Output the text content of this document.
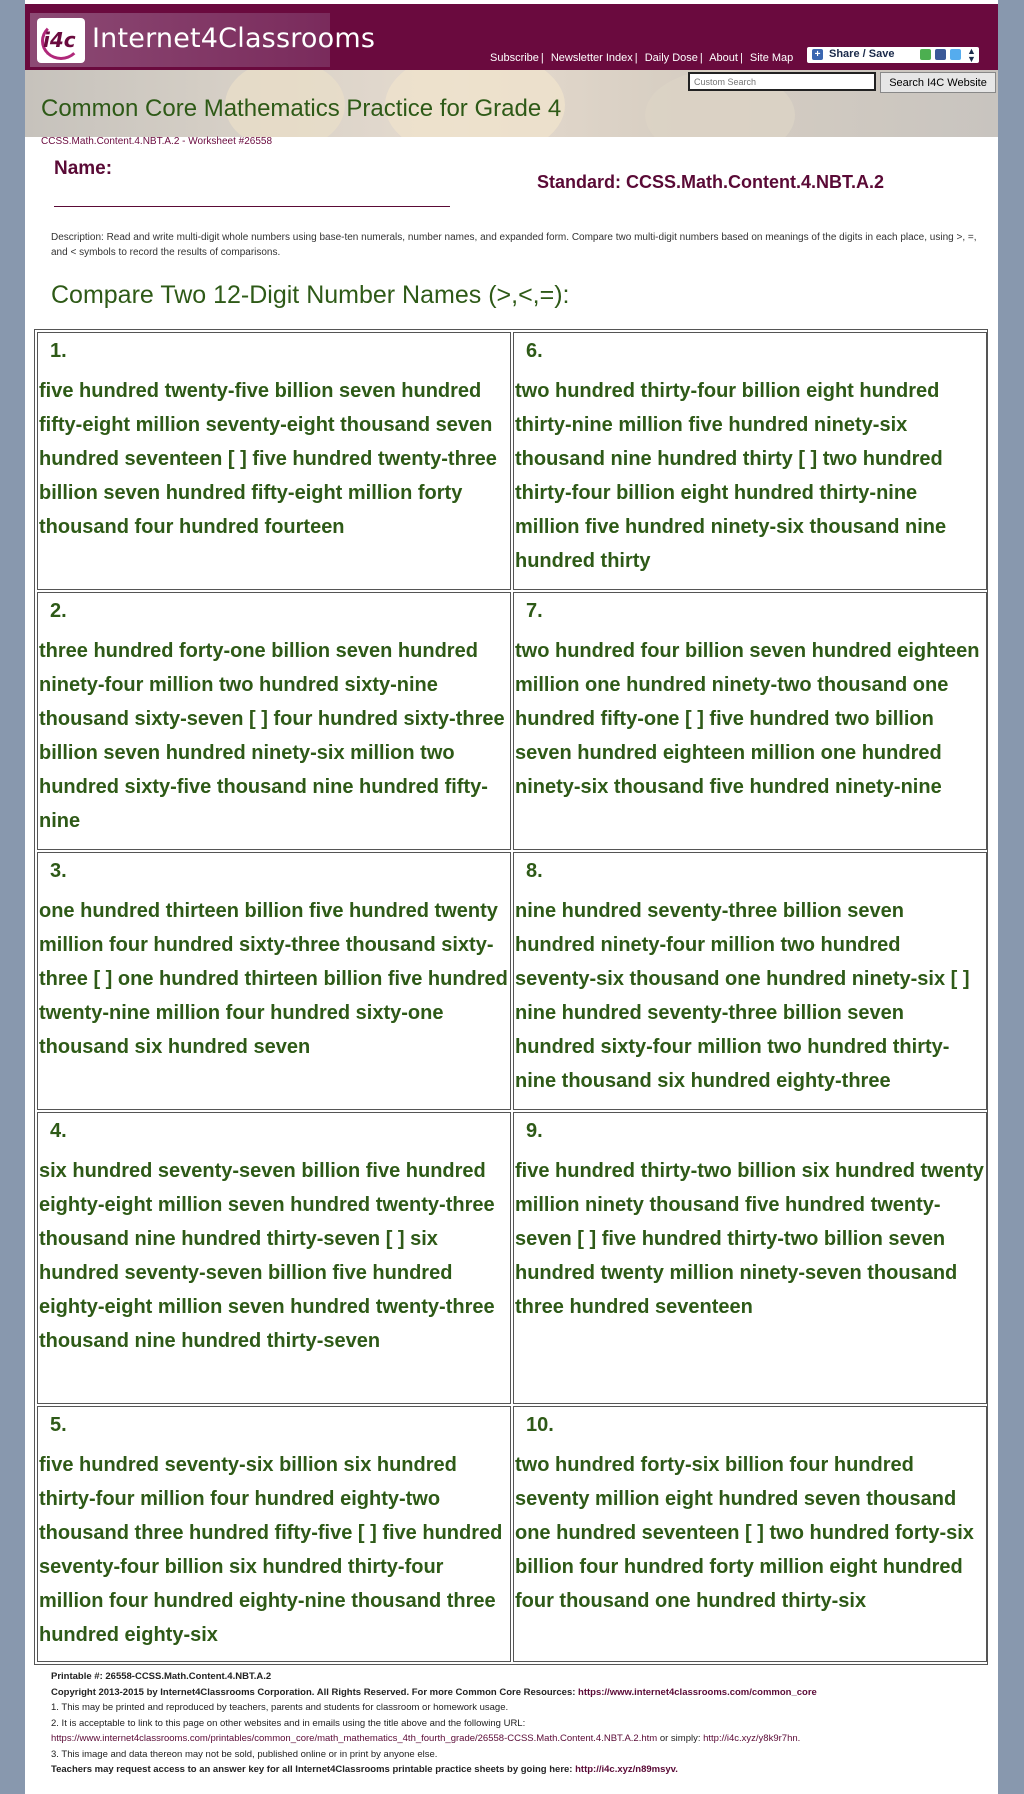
i4c Internet4Classrooms
Subscribe | Newsletter Index | Daily Dose | About | Site Map + Share / Save	▲
▼
Custom Search
Search I4C Website
Common Core Mathematics Practice for Grade 4
CCSS.Math.Content.4.NBT.A.2 - Worksheet #26558
Name:
Standard: CCSS.Math.Content.4.NBT.A.2
Description: Read and write multi-digit whole numbers using base-ten numerals, number names, and expanded form. Compare two multi-digit numbers based on meanings of the digits in each place, using >, =, and < symbols to record the results of comparisons.
Compare Two 12-Digit Number Names (>,<,=):
1.
five hundred twenty-five billion seven hundred fifty-eight million seventy-eight thousand seven hundred seventeen [ ] five hundred twenty-three billion seven hundred fifty-eight million forty thousand four hundred fourteen
2.
three hundred forty-one billion seven hundred ninety-four million two hundred sixty-nine thousand sixty-seven [ ] four hundred sixty-three billion seven hundred ninety-six million two hundred sixty-five thousand nine hundred fifty-nine
3.
one hundred thirteen billion five hundred twenty million four hundred sixty-three thousand sixty-three [ ] one hundred thirteen billion five hundred twenty-nine million four hundred sixty-one thousand six hundred seven
4.
six hundred seventy-seven billion five hundred eighty-eight million seven hundred twenty-three thousand nine hundred thirty-seven [ ] six hundred seventy-seven billion five hundred eighty-eight million seven hundred twenty-three thousand nine hundred thirty-seven
5.
five hundred seventy-six billion six hundred thirty-four million four hundred eighty-two thousand three hundred fifty-five [ ] five hundred seventy-four billion six hundred thirty-four million four hundred eighty-nine thousand three hundred eighty-six
6.
two hundred thirty-four billion eight hundred thirty-nine million five hundred ninety-six thousand nine hundred thirty [ ] two hundred thirty-four billion eight hundred thirty-nine million five hundred ninety-six thousand nine hundred thirty
7.
two hundred four billion seven hundred eighteen million one hundred ninety-two thousand one hundred fifty-one [ ] five hundred two billion seven hundred eighteen million one hundred ninety-six thousand five hundred ninety-nine
8.
nine hundred seventy-three billion seven hundred ninety-four million two hundred seventy-six thousand one hundred ninety-six [ ] nine hundred seventy-three billion seven hundred sixty-four million two hundred thirty-nine thousand six hundred eighty-three
9.
five hundred thirty-two billion six hundred twenty million ninety thousand five hundred twenty-seven [ ] five hundred thirty-two billion seven hundred twenty million ninety-seven thousand three hundred seventeen
10.
two hundred forty-six billion four hundred seventy million eight hundred seven thousand one hundred seventeen [ ] two hundred forty-six billion four hundred forty million eight hundred four thousand one hundred thirty-six
Printable #: 26558-CCSS.Math.Content.4.NBT.A.2
Copyright 2013-2015 by Internet4Classrooms Corporation. All Rights Reserved. For more Common Core Resources: https://www.internet4classrooms.com/common_core
1. This may be printed and reproduced by teachers, parents and students for classroom or homework usage.
2. It is acceptable to link to this page on other websites and in emails using the title above and the following URL:
https://www.internet4classrooms.com/printables/common_core/math_mathematics_4th_fourth_grade/26558-CCSS.Math.Content.4.NBT.A.2.htm or simply: http://i4c.xyz/y8k9r7hn.
3. This image and data thereon may not be sold, published online or in print by anyone else.
Teachers may request access to an answer key for all Internet4Classrooms printable practice sheets by going here: http://i4c.xyz/n89msyv.
